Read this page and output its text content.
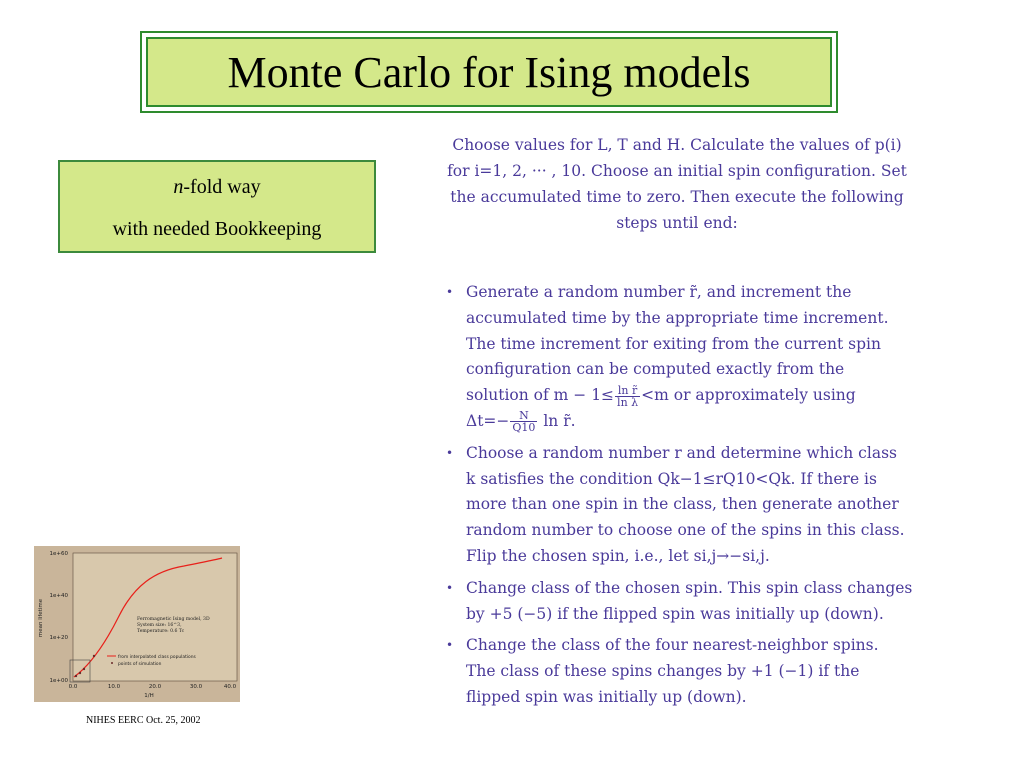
Monte Carlo for Ising models
n-fold way
with needed Bookkeeping
Choose values for L, T and H. Calculate the values of p(i)
for i=1, 2, ··· , 10. Choose an initial spin configuration. Set
the accumulated time to zero. Then execute the following
steps until end:
• Generate a random number r̃, and increment the
accumulated time by the appropriate time increment.
The time increment for exiting from the current spin
configuration can be computed exactly from the
solution of $m - 1\le \frac{\text{ln r̃}}{\text{ln λ}} <m$ or approximately using
$\Delta t=- \frac{N}{Q10}$ ln r̃.
• Choose a random number r and determine which class
k satisfies the condition Qk−1≤rQ10<Qk. If there is
more than one spin in the class, then generate another
random number to choose one of the spins in this class.
Flip the chosen spin, i.e., let si,j→−si,j.
• Change class of the chosen spin. This spin class changes
by +5 (−5) if the flipped spin was initially up (down).
• Change the class of the four nearest-neighbor spins.
The class of these spins changes by +1 (−1) if the
flipped spin was initially up (down).
1e+60
1e+40
1e+20
1e+00
0.0	10.0	20.0	30.0	40.0
1/H
mean lifetime	Ferromagnetic Ising model, 3D
System size: 16^3,
Temperature: 0.6 Tc
from interpolated class populations
points of simulation
NIHES EERC Oct. 25, 2002
